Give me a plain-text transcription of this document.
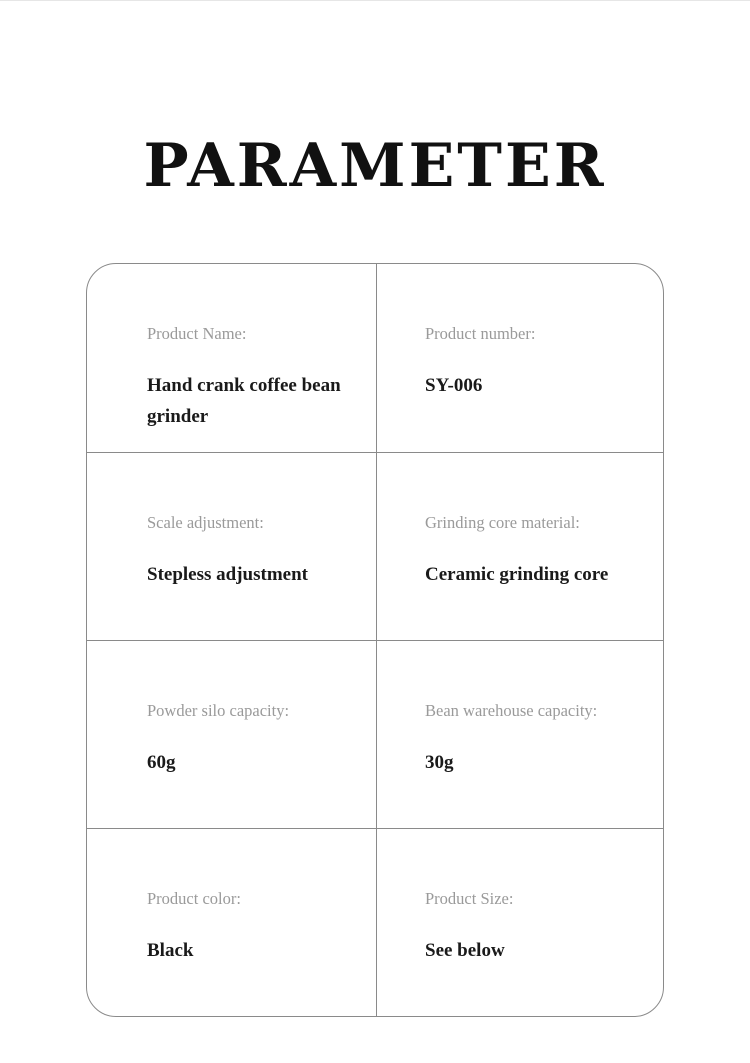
PARAMETER
Product Name:
Hand crank coffee bean grinder
Product number:
SY-006
Scale adjustment:
Stepless adjustment
Grinding core material:
Ceramic grinding core
Powder silo capacity:
60g
Bean warehouse capacity:
30g
Product color:
Black
Product Size:
See below
